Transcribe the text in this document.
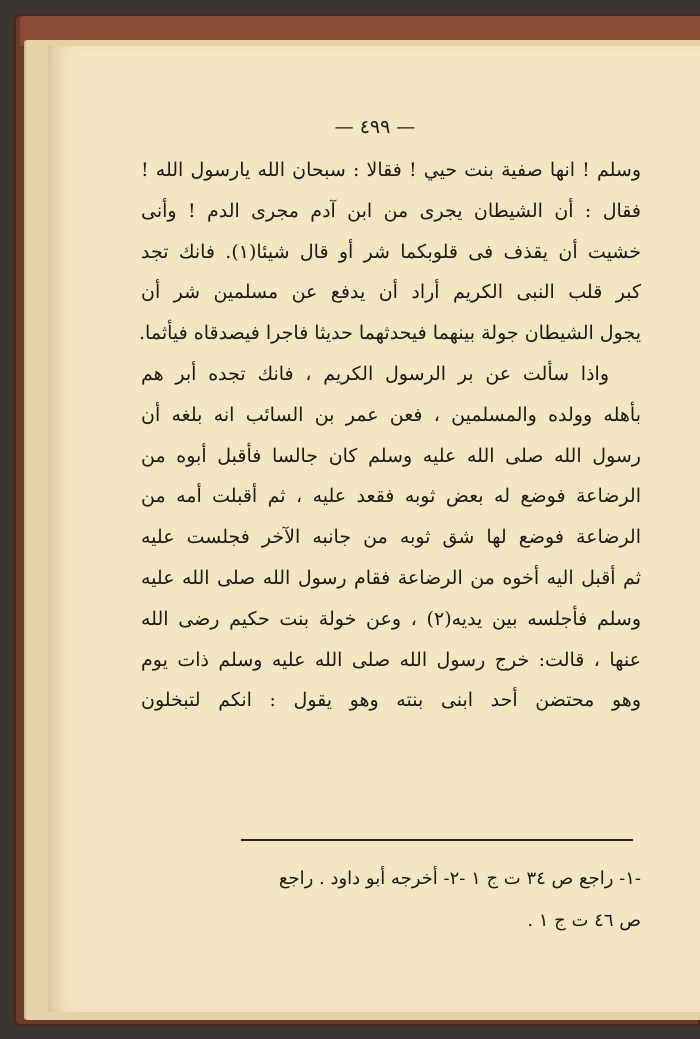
— ٤٩٩ —
وسلم ! انها صفية بنت حيي ! فقالا : سبحان الله يارسول الله !
فقال : أن الشيطان يجرى من ابن آدم مجرى الدم ! وأنى
خشيت أن يقذف فى قلوبكما شر أو قال شيئا(١). فانك تجد
كبر قلب النبى الكريم أراد أن يدفع عن مسلمين شر أن
يجول الشيطان جولة بينهما فيحدثهما حديثا فاجرا فيصدقاه فيأثما.
واذا سألت عن بر الرسول الكريم ، فانك تجده أبر هم
بأهله وولده والمسلمين ، فعن عمر بن السائب انه بلغه أن
رسول الله صلى الله عليه وسلم كان جالسا فأقبل أبوه من
الرضاعة فوضع له بعض ثوبه فقعد عليه ، ثم أقبلت أمه من
الرضاعة فوضع لها شق ثوبه من جانبه الآخر فجلست عليه
ثم أقبل اليه أخوه من الرضاعة فقام رسول الله صلى الله عليه
وسلم فأجلسه بين يديه(٢) ، وعن خولة بنت حكيم رضى الله
عنها ، قالت: خرج رسول الله صلى الله عليه وسلم ذات يوم
وهو محتضن أحد ابنى بنته وهو يقول : انكم لتبخلون
-١- راجع ص ٣٤ ت ج ١ -٢- أخرجه أبو داود . راجع
ص ٤٦ ت ج ١ .
